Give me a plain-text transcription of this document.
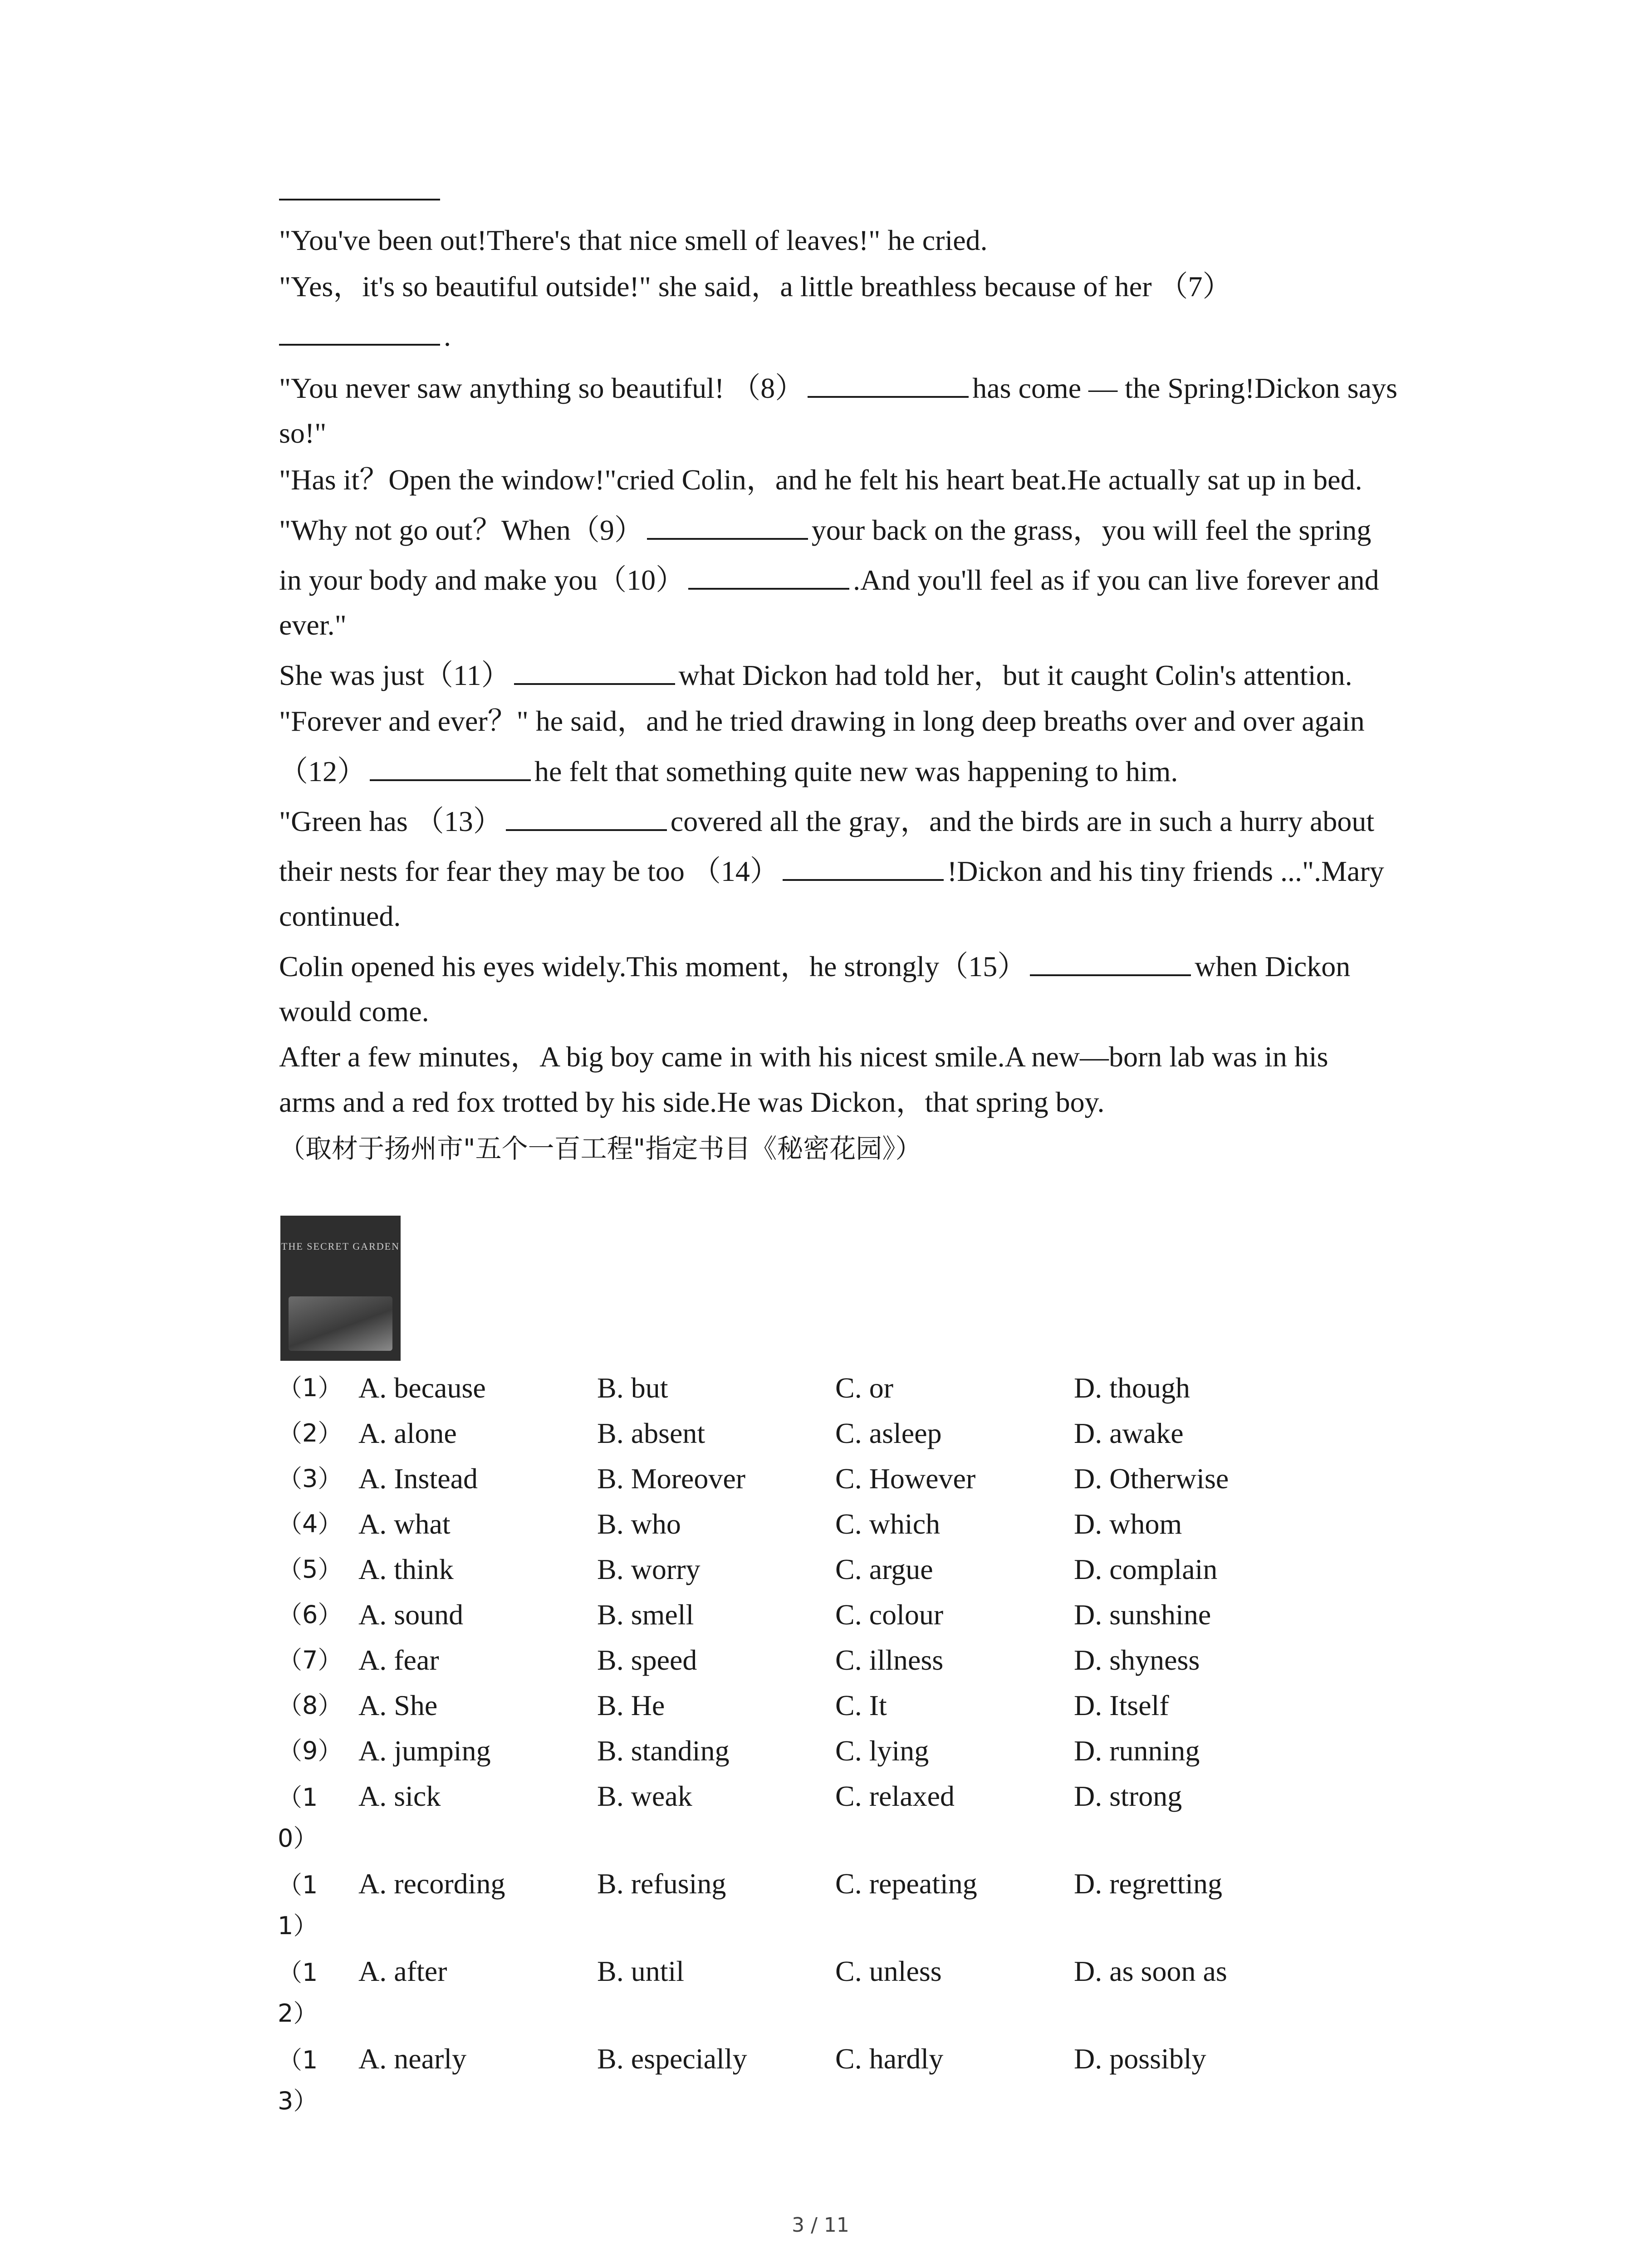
"You've been out!There's that nice smell of leaves!" he cried.
"Yes，it's so beautiful outside!" she said，a little breathless because of her （7）
.
"You never saw anything so beautiful! （8）	has come — the Spring!Dickon says
so!"
"Has it？Open the window!"cried Colin，and he felt his heart beat.He actually sat up in bed.
"Why not go out？When（9）	your back on the grass，you will feel the spring
in your body and make you（10）	.And you'll feel as if you can live forever and
ever."
She was just（11）	what Dickon had told her，but it caught Colin's attention.
"Forever and ever？" he said，and he tried drawing in long deep breaths over and over again
（12）	he felt that something quite new was happening to him.
"Green has （13）	covered all the gray，and the birds are in such a hurry about
their nests for fear they may be too （14）	!Dickon and his tiny friends ...".Mary
continued.
Colin opened his eyes widely.This moment，he strongly（15）	when Dickon
would come.
After a few minutes，A big boy came in with his nicest smile.A new—born lab was in his
arms and a red fox trotted by his side.He was Dickon，that spring boy.
（取材于扬州市"五个一百工程"指定书目《秘密花园》）
THE SECRET GARDEN
（1） A. because	B. but	C. or	D. though
（2） A. alone	B. absent	C. asleep	D. awake
（3） A. Instead	B. Moreover	C. However	D. Otherwise
（4） A. what	B. who	C. which	D. whom
（5） A. think	B. worry	C. argue	D. complain
（6） A. sound	B. smell	C. colour	D. sunshine
（7） A. fear	B. speed	C. illness	D. shyness
（8） A. She	B. He	C. It	D. Itself
（9） A. jumping	B. standing	C. lying	D. running
（10）
A. sick	B. weak	C. relaxed	D. strong
（11）
A. recording	B. refusing	C. repeating	D. regretting
（12）
A. after	B. until	C. unless	D. as soon as
（13）
A. nearly	B. especially	C. hardly	D. possibly
3 / 11
